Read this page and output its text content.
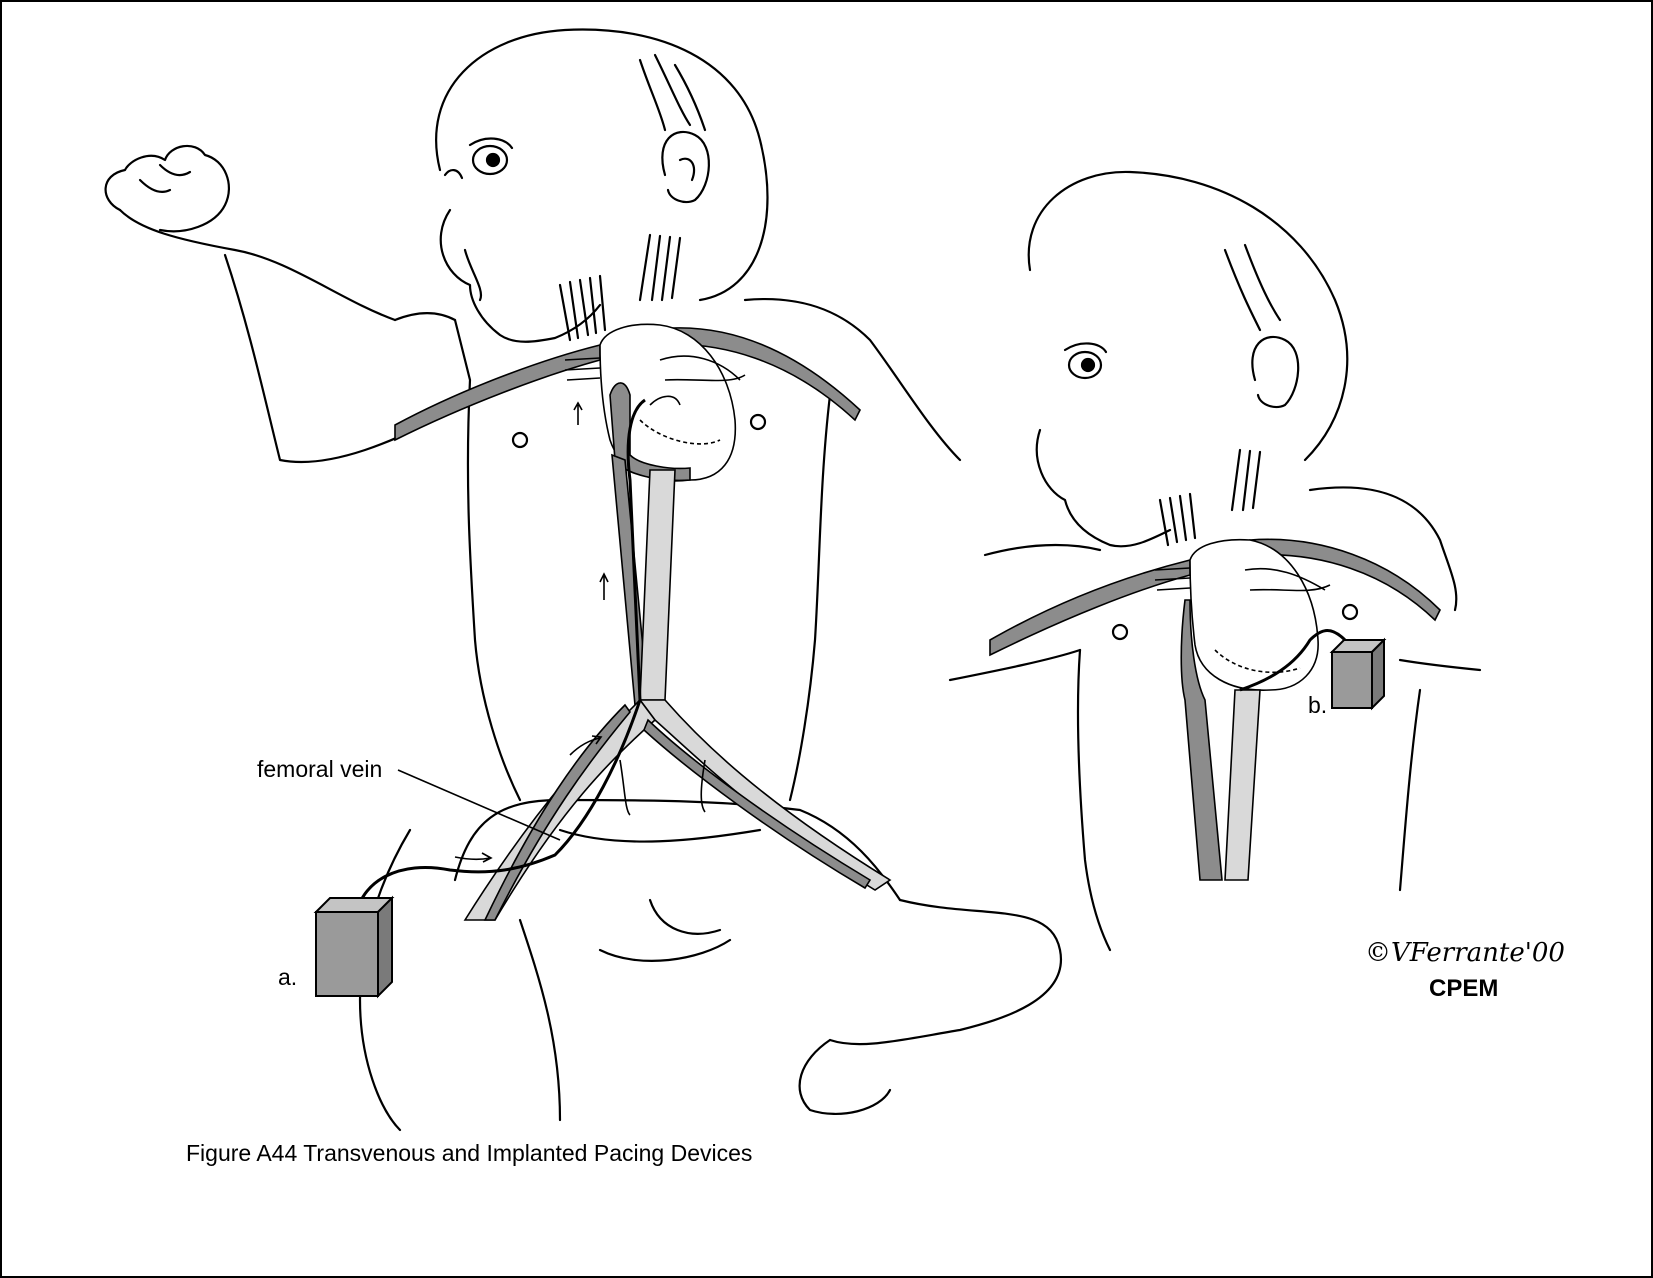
femoral vein
a.
b.
Figure A44 Transvenous and Implanted Pacing Devices
©VFerrante'00
CPEM
